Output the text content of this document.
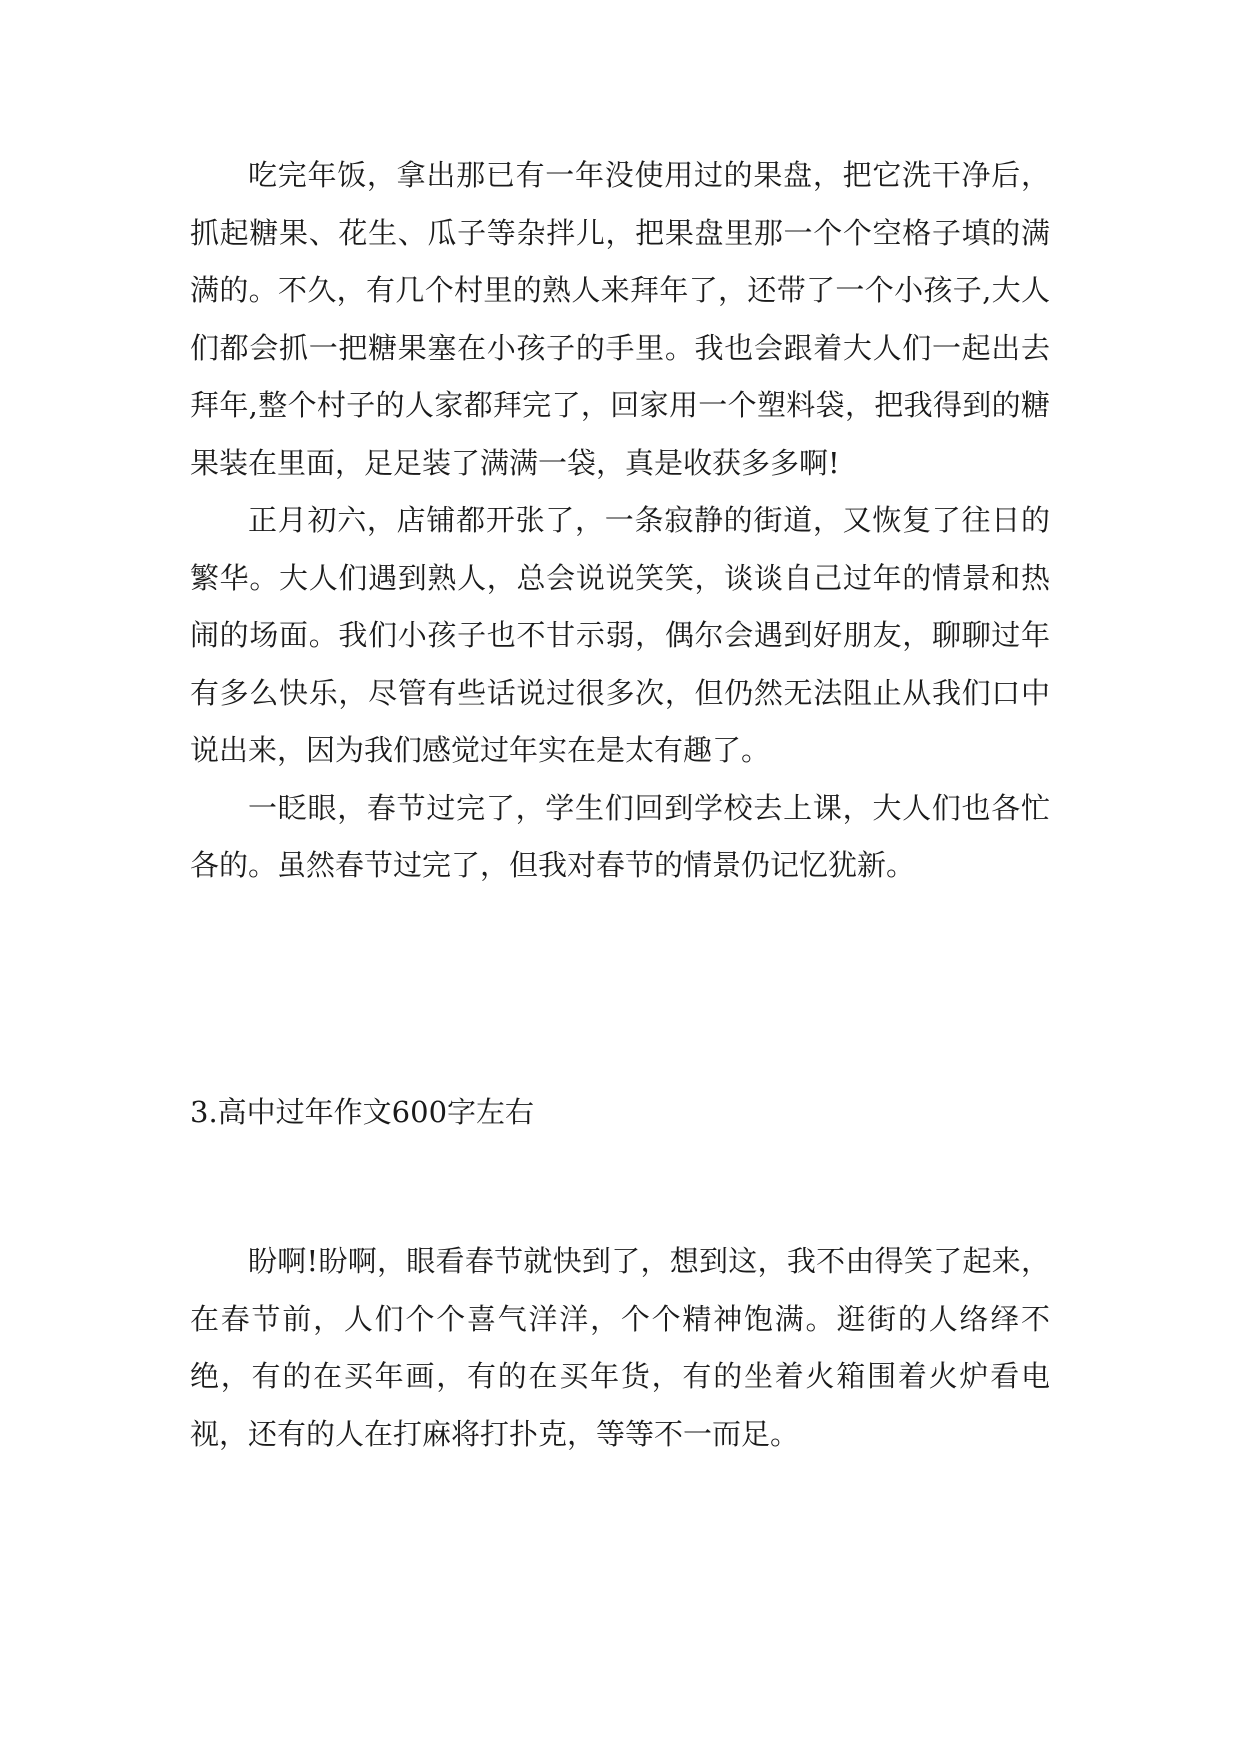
吃完年饭，拿出那已有一年没使用过的果盘，把它洗干净后，抓起糖果、花生、瓜子等杂拌儿，把果盘里那一个个空格子填的满满的。不久，有几个村里的熟人来拜年了，还带了一个小孩子,大人们都会抓一把糖果塞在小孩子的手里。我也会跟着大人们一起出去拜年,整个村子的人家都拜完了，回家用一个塑料袋，把我得到的糖果装在里面，足足装了满满一袋，真是收获多多啊!

正月初六，店铺都开张了，一条寂静的街道，又恢复了往日的繁华。大人们遇到熟人，总会说说笑笑，谈谈自己过年的情景和热闹的场面。我们小孩子也不甘示弱，偶尔会遇到好朋友，聊聊过年有多么快乐，尽管有些话说过很多次，但仍然无法阻止从我们口中说出来，因为我们感觉过年实在是太有趣了。

一眨眼，春节过完了，学生们回到学校去上课，大人们也各忙各的。虽然春节过完了，但我对春节的情景仍记忆犹新。

3.高中过年作文600字左右

盼啊!盼啊，眼看春节就快到了，想到这，我不由得笑了起来，在春节前，人们个个喜气洋洋，个个精神饱满。逛街的人络绎不绝，有的在买年画，有的在买年货，有的坐着火箱围着火炉看电视，还有的人在打麻将打扑克，等等不一而足。
